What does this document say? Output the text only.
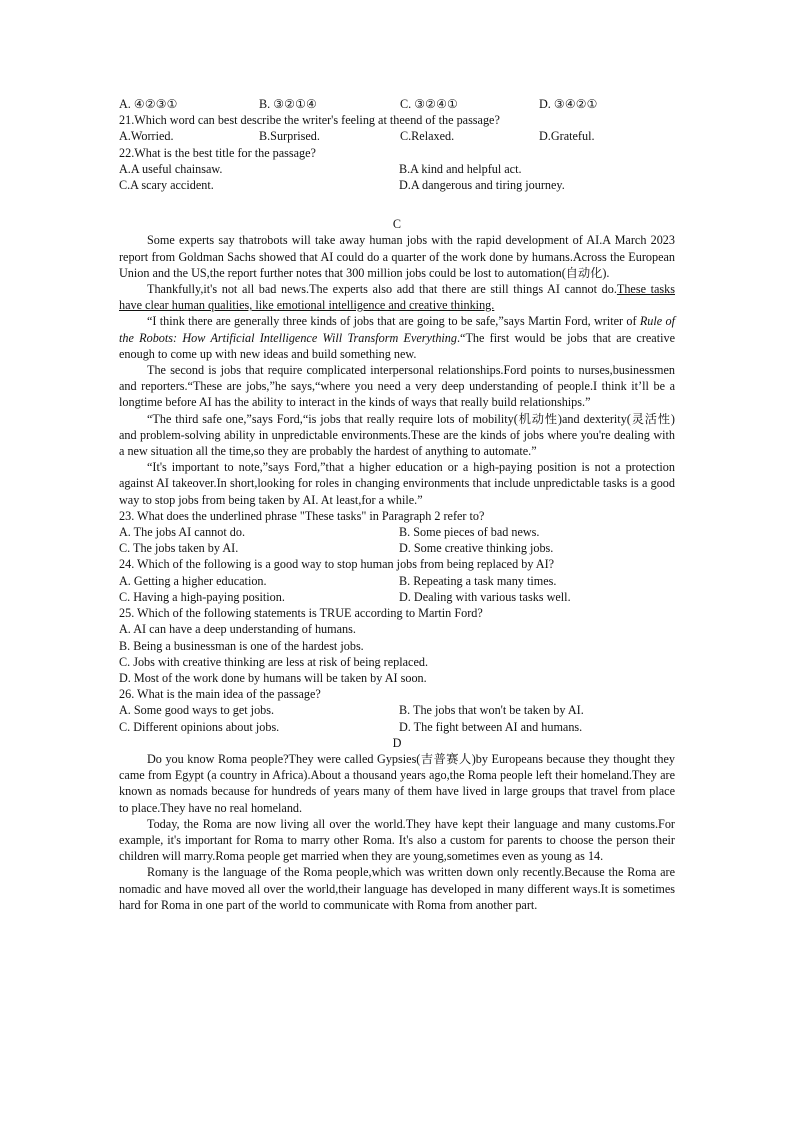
A. ④②③①	B. ③②①④	C. ③②④①	D. ③④②①
21.Which word can best describe the writer's feeling at theend of the passage?
A.Worried.	B.Surprised.	C.Relaxed.	D.Grateful.
22.What is the best title for the passage?
A.A useful chainsaw.	B.A kind and helpful act.
C.A scary accident.	D.A dangerous and tiring journey.
C

Some experts say thatrobots will take away human jobs with the rapid development of AI.A March 2023 report from Goldman Sachs showed that AI could do a quarter of the work done by humans.Across the European Union and the US,the report further notes that 300 million jobs could be lost to automation(自动化).

Thankfully,it's not all bad news.The experts also add that there are still things AI cannot do.These tasks have clear human qualities, like emotional intelligence and creative thinking.

“I think there are generally three kinds of jobs that are going to be safe,”says Martin Ford, writer of Rule of the Robots: How Artificial Intelligence Will Transform Everything.“The first would be jobs that are creative enough to come up with new ideas and build something new.

The second is jobs that require complicated interpersonal relationships.Ford points to nurses,businessmen and reporters.“These are jobs,”he says,“where you need a very deep understanding of people.I think it’ll be a longtime before AI has the ability to interact in the kinds of ways that really build relationships.”

“The third safe one,”says Ford,“is jobs that really require lots of mobility(机动性)and dexterity(灵活性) and problem-solving ability in unpredictable environments.These are the kinds of jobs where you're dealing with a new situation all the time,so they are probably the hardest of anything to automate.”

“It's important to note,”says Ford,”that a higher education or a high-paying position is not a protection against AI takeover.In short,looking for roles in changing environments that include unpredictable tasks is a good way to stop jobs from being taken by AI. At least,for a while.”

23. What does the underlined phrase "These tasks" in Paragraph 2 refer to?
A. The jobs AI cannot do.	B. Some pieces of bad news.
C. The jobs taken by AI.	D. Some creative thinking jobs.
24. Which of the following is a good way to stop human jobs from being replaced by AI?
A. Getting a higher education.	B. Repeating a task many times.
C. Having a high-paying position.	D. Dealing with various tasks well.
25. Which of the following statements is TRUE according to Martin Ford?
A. AI can have a deep understanding of humans.
B. Being a businessman is one of the hardest jobs.
C. Jobs with creative thinking are less at risk of being replaced.
D. Most of the work done by humans will be taken by AI soon.
26. What is the main idea of the passage?
A. Some good ways to get jobs.	B. The jobs that won't be taken by AI.
C. Different opinions about jobs.	D. The fight between AI and humans.
D

Do you know Roma people?They were called Gypsies(吉普赛人)by Europeans because they thought they came from Egypt (a country in Africa).About a thousand years ago,the Roma people left their homeland.They are known as nomads because for hundreds of years many of them have lived in large groups that travel from place to place.They have no real homeland.

Today, the Roma are now living all over the world.They have kept their language and many customs.For example, it's important for Roma to marry other Roma. It's also a custom for parents to choose the person their children will marry.Roma people get married when they are young,sometimes even as young as 14.

Romany is the language of the Roma people,which was written down only recently.Because the Roma are nomadic and have moved all over the world,their language has developed in many different ways.It is sometimes hard for Roma in one part of the world to communicate with Roma from another part.
